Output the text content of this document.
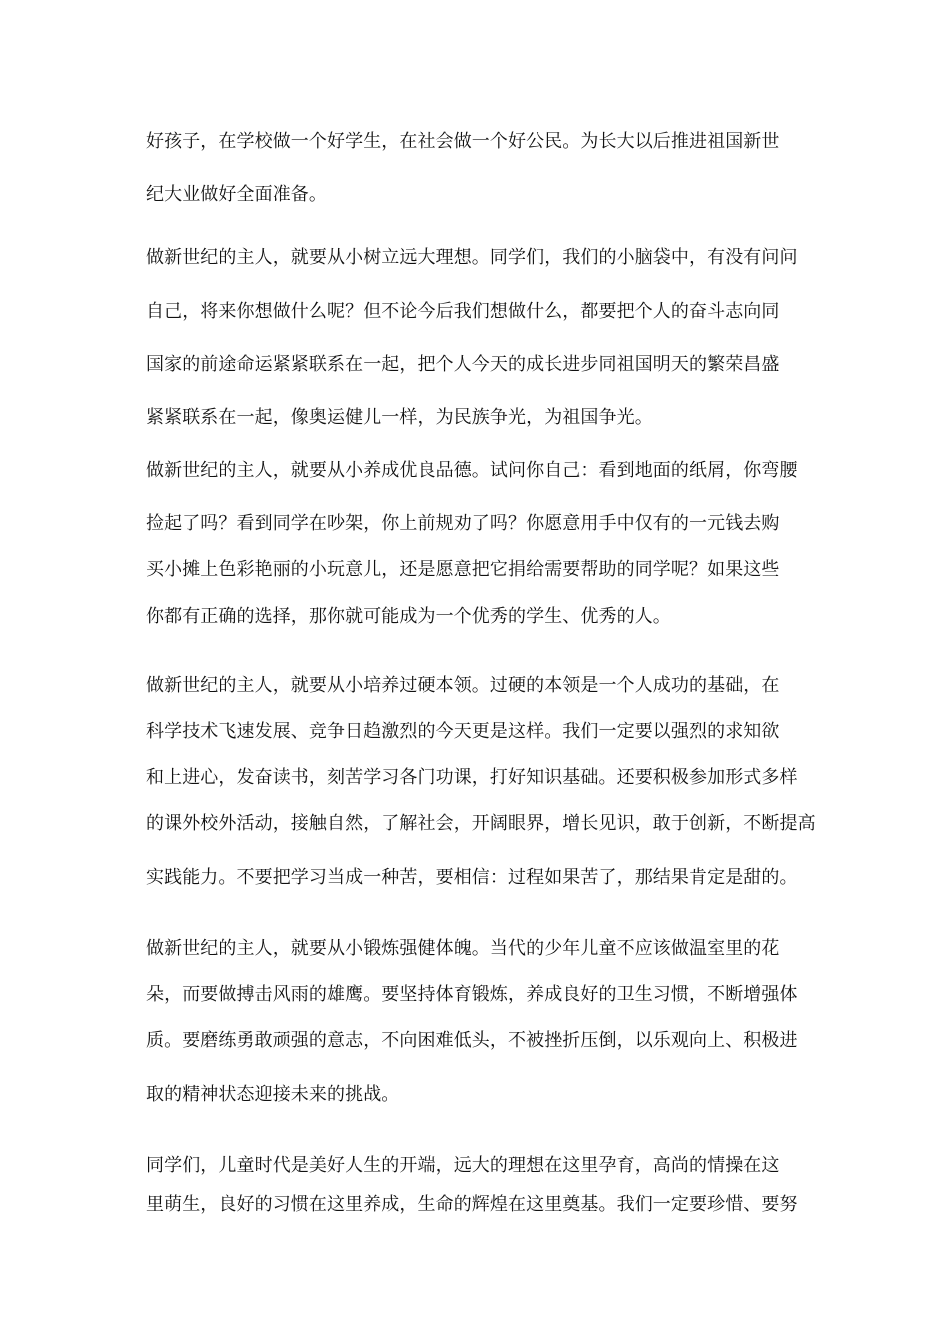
好孩子，在学校做一个好学生，在社会做一个好公民。为长大以后推进祖国新世
纪大业做好全面准备。
做新世纪的主人，就要从小树立远大理想。同学们，我们的小脑袋中，有没有问问
自己，将来你想做什么呢？但不论今后我们想做什么，都要把个人的奋斗志向同
国家的前途命运紧紧联系在一起，把个人今天的成长进步同祖国明天的繁荣昌盛
紧紧联系在一起，像奥运健儿一样，为民族争光，为祖国争光。
做新世纪的主人，就要从小养成优良品德。试问你自己：看到地面的纸屑，你弯腰
捡起了吗？看到同学在吵架，你上前规劝了吗？你愿意用手中仅有的一元钱去购
买小摊上色彩艳丽的小玩意儿，还是愿意把它捐给需要帮助的同学呢？如果这些
你都有正确的选择，那你就可能成为一个优秀的学生、优秀的人。
做新世纪的主人，就要从小培养过硬本领。过硬的本领是一个人成功的基础，在
科学技术飞速发展、竞争日趋激烈的今天更是这样。我们一定要以强烈的求知欲
和上进心，发奋读书，刻苦学习各门功课，打好知识基础。还要积极参加形式多样
的课外校外活动，接触自然，了解社会，开阔眼界，增长见识，敢于创新，不断提高
实践能力。不要把学习当成一种苦，要相信：过程如果苦了，那结果肯定是甜的。
做新世纪的主人，就要从小锻炼强健体魄。当代的少年儿童不应该做温室里的花
朵，而要做搏击风雨的雄鹰。要坚持体育锻炼，养成良好的卫生习惯，不断增强体
质。要磨练勇敢顽强的意志，不向困难低头，不被挫折压倒，以乐观向上、积极进
取的精神状态迎接未来的挑战。
同学们，儿童时代是美好人生的开端，远大的理想在这里孕育，高尚的情操在这
里萌生，良好的习惯在这里养成，生命的辉煌在这里奠基。我们一定要珍惜、要努
